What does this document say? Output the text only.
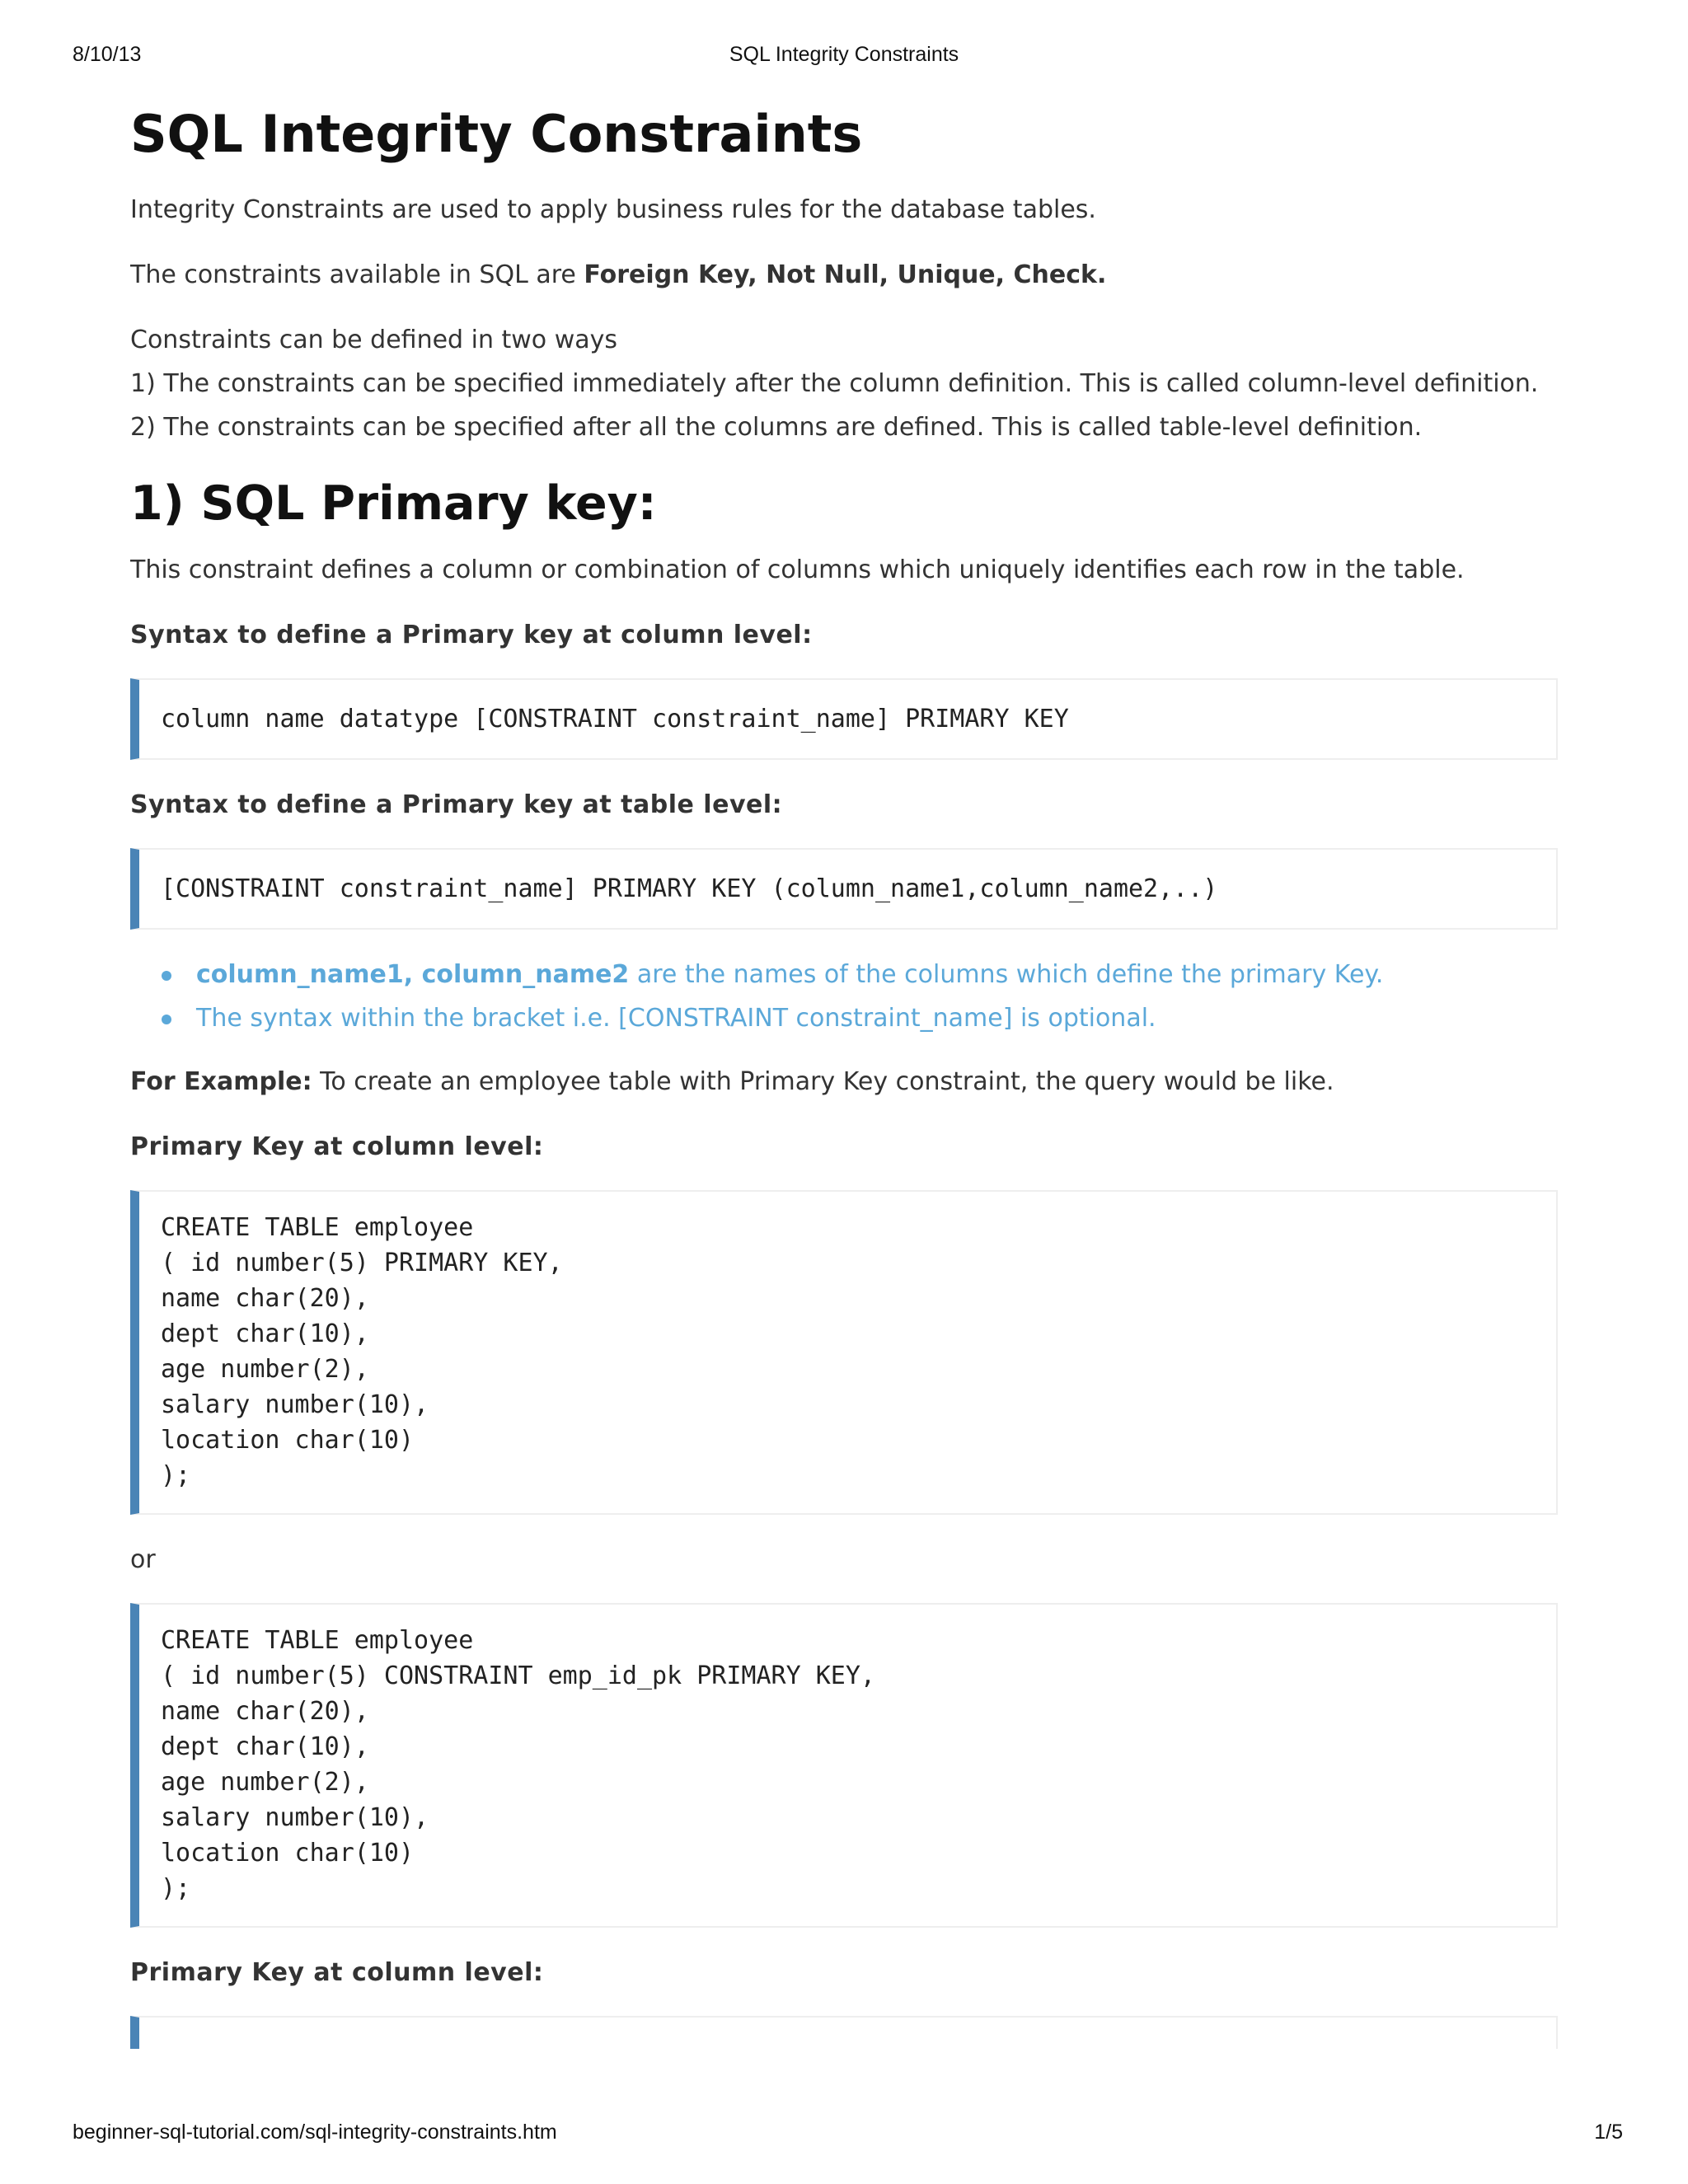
8/10/13	SQL Integrity Constraints
SQL Integrity Constraints

Integrity Constraints are used to apply business rules for the database tables.

The constraints available in SQL are Foreign Key, Not Null, Unique, Check.

Constraints can be defined in two ways

1) The constraints can be specified immediately after the column definition. This is called column-level definition.

2) The constraints can be specified after all the columns are defined. This is called table-level definition.

1) SQL Primary key:

This constraint defines a column or combination of columns which uniquely identifies each row in the table.

Syntax to define a Primary key at column level:

column name datatype [CONSTRAINT constraint_name] PRIMARY KEY

Syntax to define a Primary key at table level:

[CONSTRAINT constraint_name] PRIMARY KEY (column_name1,column_name2,..)
column_name1, column_name2 are the names of the columns which define the primary Key.
The syntax within the bracket i.e. [CONSTRAINT constraint_name] is optional.

For Example: To create an employee table with Primary Key constraint, the query would be like.

Primary Key at column level:

CREATE TABLE employee
( id number(5) PRIMARY KEY,
name char(20),
dept char(10),
age number(2),
salary number(10),
location char(10)
);

or

CREATE TABLE employee
( id number(5) CONSTRAINT emp_id_pk PRIMARY KEY,
name char(20),
dept char(10),
age number(2),
salary number(10),
location char(10)
);

Primary Key at column level:

beginner-sql-tutorial.com/sql-integrity-constraints.htm	1/5
